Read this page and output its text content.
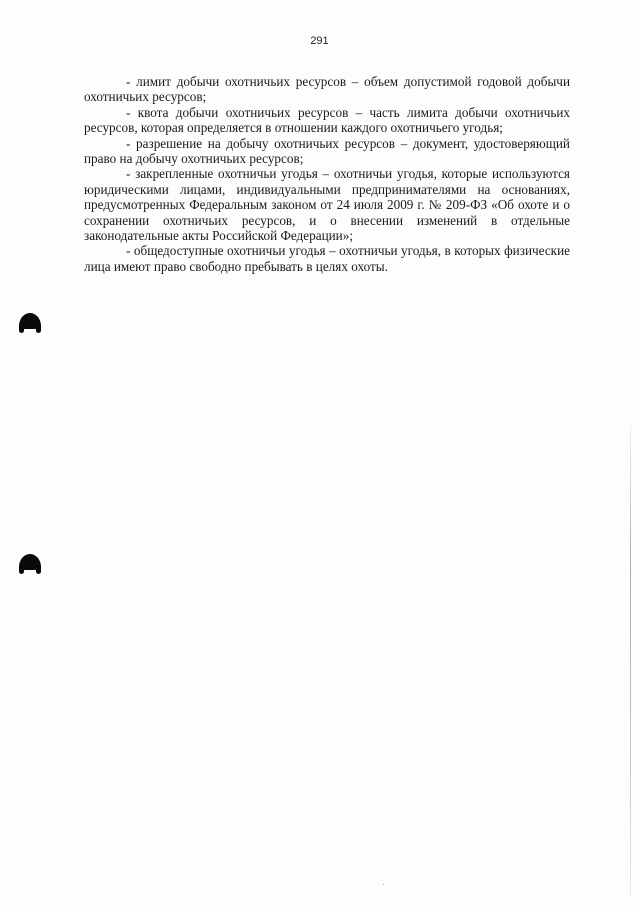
291

- лимит добычи охотничьих ресурсов – объем допустимой годовой добычи охотничьих ресурсов;

- квота добычи охотничьих ресурсов – часть лимита добычи охотничьих ресурсов, которая определяется в отношении каждого охотничьего угодья;

- разрешение на добычу охотничьих ресурсов – документ, удостоверяющий право на добычу охотничьих ресурсов;

- закрепленные охотничьи угодья – охотничьи угодья, которые используются юридическими лицами, индивидуальными предпринимателями на основаниях, предусмотренных Федеральным законом от 24 июля 2009 г. № 209-ФЗ «Об охоте и о сохранении охотничьих ресурсов, и о внесении изменений в отдельные законодательные акты Российской Федерации»;

- общедоступные охотничьи угодья – охотничьи угодья, в которых физические лица имеют право свободно пребывать в целях охоты.
